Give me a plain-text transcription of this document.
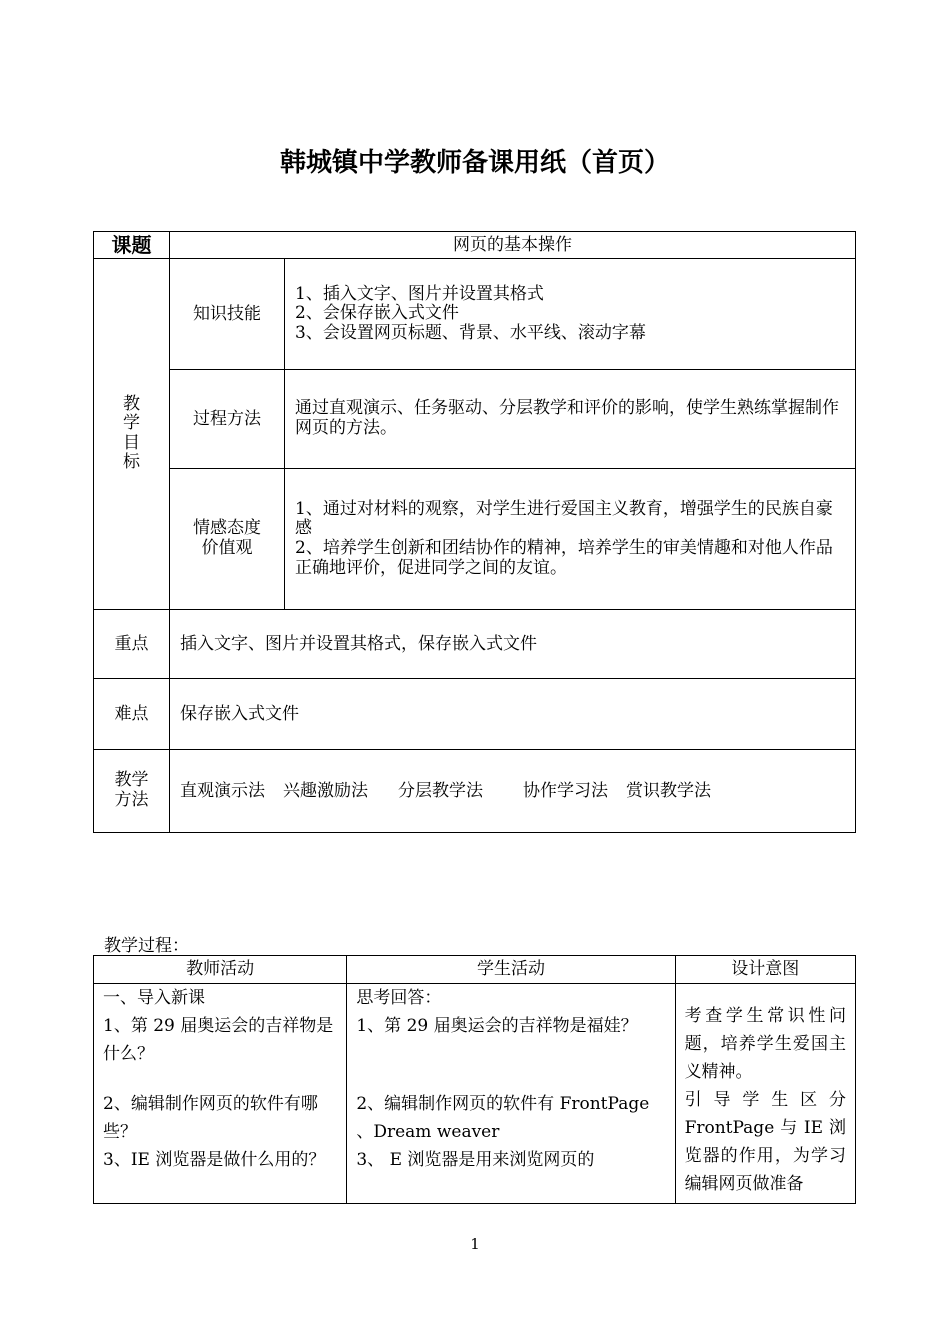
韩城镇中学教师备课用纸（首页）
课题	网页的基本操作	

教
学
目
标	知识技能	1、插入文字、图片并设置其格式
2、会保存嵌入式文件
3、会设置网页标题、背景、水平线、滚动字幕

	过程方法	通过直观演示、任务驱动、分层教学和评价的影响，使学生熟练掌握制作网页的方法。

	情感态度
价值观	1、通过对材料的观察，对学生进行爱国主义教育，增强学生的民族自豪感
2、培养学生创新和团结协作的精神，培养学生的审美情趣和对他人作品正确地评价，促进同学之间的友谊。

重点	插入文字、图片并设置其格式，保存嵌入式文件	
难点	保存嵌入式文件	

教学
方法	直观演示法 兴趣激励法 分层教学法 协作学习法 赏识教学法	
教学过程：
教师活动	学生活动	设计意图

一、导入新课
1、第 29 届奥运会的吉祥物是什么？
2、编辑制作网页的软件有哪些？
3、IE 浏览器是做什么用的？	思考回答：
1、第 29 届奥运会的吉祥物是福娃？
2、编辑制作网页的软件有 FrontPage 、Dream weaver
3、 E 浏览器是用来浏览网页的	考查学生常识性问题，培养学生爱国主义精神。
引导学生区分 FrontPage 与 IE 浏览器的作用，为学习编辑网页做准备
1
